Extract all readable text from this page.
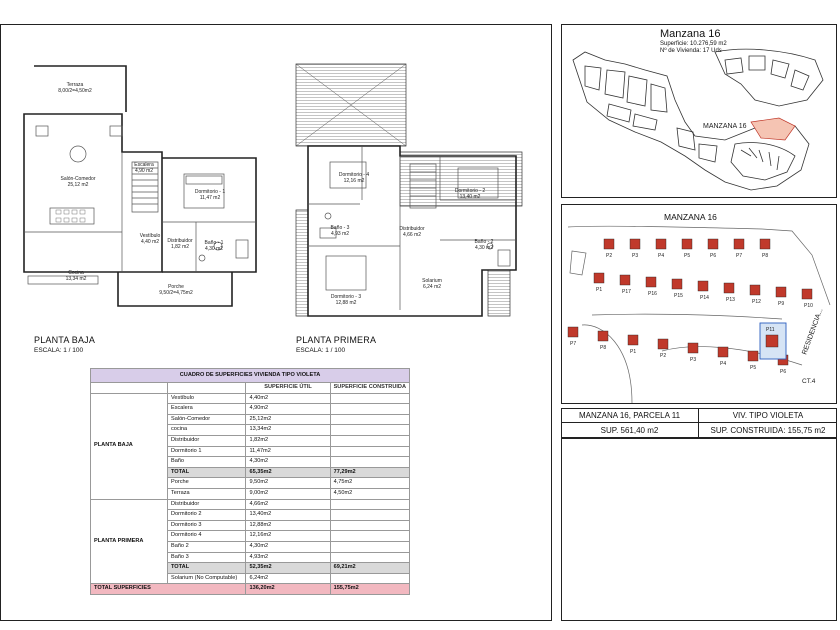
Terraza
8,00/2=4,50m2
Salón-Comedor
25,12 m2
Escalera
4,90 m2
Dormitorio - 1
11,47 m2
Vestíbulo
4,40 m2 Distribuidor
1,82 m2
Baño - 1
4,30 m2
Cocina
13,34 m2
Porche
9,50/2=4,75m2
PLANTA BAJA
ESCALA: 1 / 100
Dormitorio - 4
12,16 m2
Dormitorio - 2
13,40 m2
Baño - 3
4,93 m2
Distribuidor
4,66 m2
Baño - 2
4,30 m2
Dormitorio - 3
12,88 m2
Solarium
6,24 m2
PLANTA PRIMERA
ESCALA: 1 / 100
CUADRO DE SUPERFICIES VIVIENDA TIPO VIOLETA			
		SUPERFICIE ÚTIL	SUPERFICIE CONSTRUIDA
PLANTA BAJA	Vestíbulo	4,40m2	
	Escalera	4,90m2	
	Salón-Comedor	25,12m2	
	cocina	13,34m2	
	Distribuidor	1,82m2	
	Dormitorio 1	11,47m2	
	Baño	4,30m2	
	TOTAL	65,35m2	77,29m2
	Porche	9,50m2	4,75m2
	Terraza	9,00m2	4,50m2
PLANTA PRIMERA	Distribuidor	4,66m2	
	Dormitorio 2	13,40m2	
	Dormitorio 3	12,88m2	
	Dormitorio 4	12,16m2	
	Baño 2	4,30m2	
	Baño 3	4,93m2	
	TOTAL	52,35m2	69,21m2
	Solarium (No Computable)	6,24m2	
TOTAL SUPERFICIES		136,20m2	155,75m2
Manzana 16
Superficie: 10.276,59 m2
Nº de Vivienda: 17 Uds
MANZANA 16
MANZANA 16
P2	P3	P4	P5	P6	P7	P8
P1	P17	P16	P15	P14	P13	P12	P9	P10
P7
P8
P1
P2
P3
P4
P5
P6
P11	RESIDENCIA...
CT.4
MANZANA 16, PARCELA 11	VIV. TIPO VIOLETA
SUP. 561,40 m2	SUP. CONSTRUIDA: 155,75 m2
